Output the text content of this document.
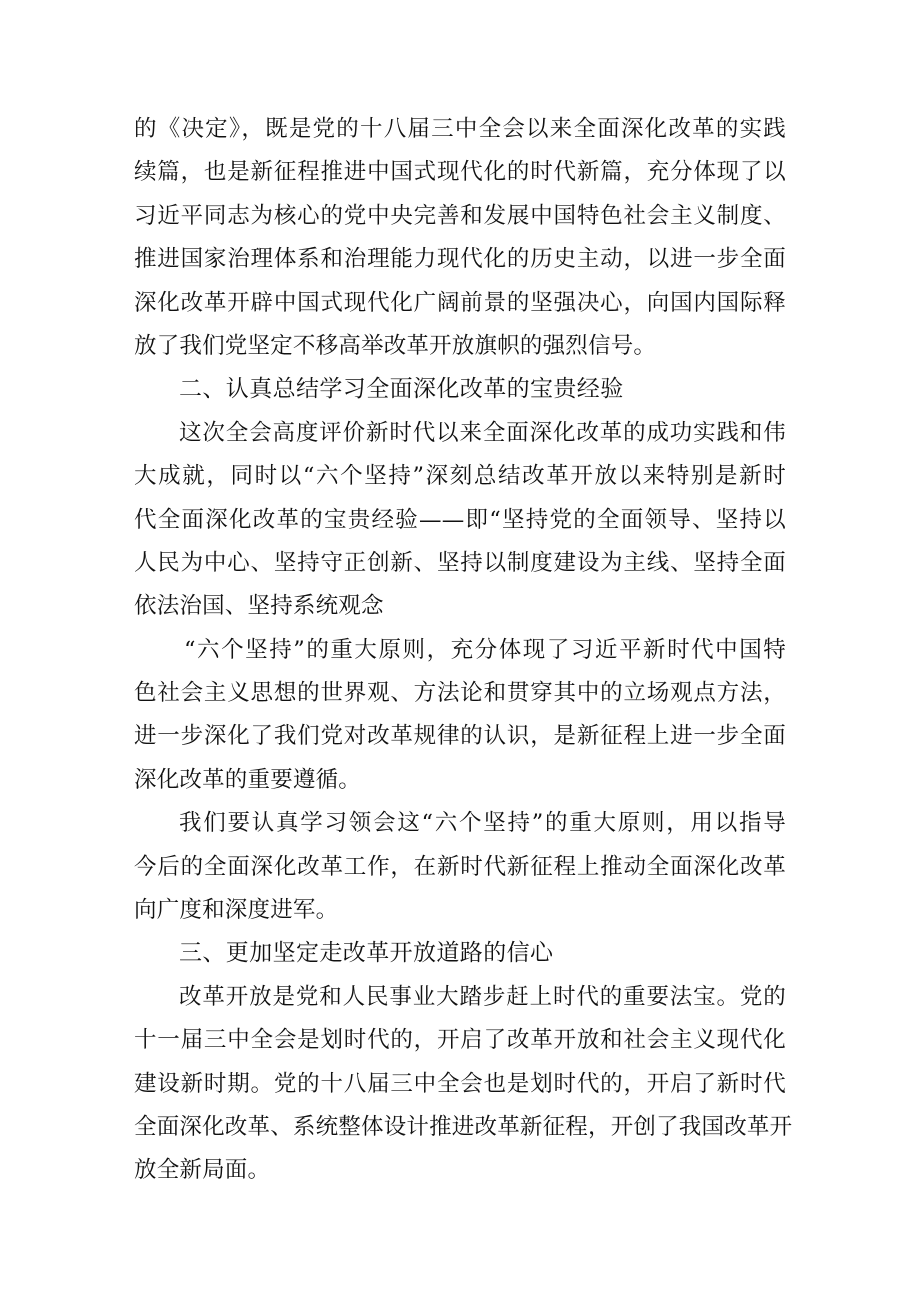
的《决定》，既是党的十八届三中全会以来全面深化改革的实践
续篇，也是新征程推进中国式现代化的时代新篇，充分体现了以
习近平同志为核心的党中央完善和发展中国特色社会主义制度、
推进国家治理体系和治理能力现代化的历史主动，以进一步全面
深化改革开辟中国式现代化广阔前景的坚强决心，向国内国际释
放了我们党坚定不移高举改革开放旗帜的强烈信号。
二、认真总结学习全面深化改革的宝贵经验
这次全会高度评价新时代以来全面深化改革的成功实践和伟
大成就，同时以“六个坚持”深刻总结改革开放以来特别是新时
代全面深化改革的宝贵经验——即“坚持党的全面领导、坚持以
人民为中心、坚持守正创新、坚持以制度建设为主线、坚持全面
依法治国、坚持系统观念
“六个坚持”的重大原则，充分体现了习近平新时代中国特
色社会主义思想的世界观、方法论和贯穿其中的立场观点方法，
进一步深化了我们党对改革规律的认识，是新征程上进一步全面
深化改革的重要遵循。
我们要认真学习领会这“六个坚持”的重大原则，用以指导
今后的全面深化改革工作，在新时代新征程上推动全面深化改革
向广度和深度进军。
三、更加坚定走改革开放道路的信心
改革开放是党和人民事业大踏步赶上时代的重要法宝。党的
十一届三中全会是划时代的，开启了改革开放和社会主义现代化
建设新时期。党的十八届三中全会也是划时代的，开启了新时代
全面深化改革、系统整体设计推进改革新征程，开创了我国改革开
放全新局面。
